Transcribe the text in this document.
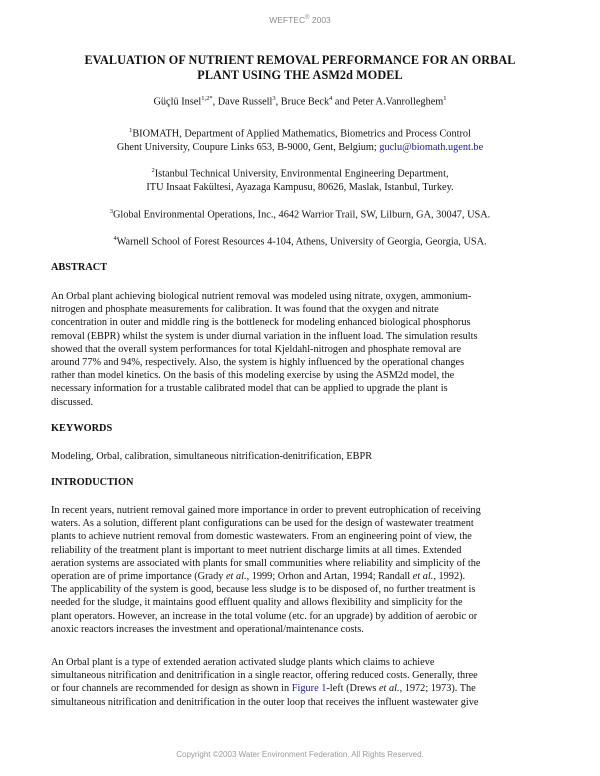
WEFTEC® 2003
EVALUATION OF NUTRIENT REMOVAL PERFORMANCE FOR AN ORBAL
PLANT USING THE ASM2d MODEL
Güçlü Insel$^{1,2*}$, Dave Russell$^3$, Bruce Beck$^4$ and Peter A.Vanrolleghem$^1$
$^1$BIOMATH, Department of Applied Mathematics, Biometrics and Process Control
Ghent University, Coupure Links 653, B-9000, Gent, Belgium; guclu@biomath.ugent.be
$^2$Istanbul Technical University, Environmental Engineering Department,
ITU Insaat Fakültesi, Ayazaga Kampusu, 80626, Maslak, Istanbul, Turkey.
$^3$Global Environmental Operations, Inc., 4642 Warrior Trail, SW, Lilburn, GA, 30047, USA.
$^4$Warnell School of Forest Resources 4-104, Athens, University of Georgia, Georgia, USA.
ABSTRACT
An Orbal plant achieving biological nutrient removal was modeled using nitrate, oxygen, ammonium-
nitrogen and phosphate measurements for calibration. It was found that the oxygen and nitrate
concentration in outer and middle ring is the bottleneck for modeling enhanced biological phosphorus
removal (EBPR) whilst the system is under diurnal variation in the influent load. The simulation results
showed that the overall system performances for total Kjeldahl-nitrogen and phosphate removal are
around 77% and 94%, respectively. Also, the system is highly influenced by the operational changes
rather than model kinetics. On the basis of this modeling exercise by using the ASM2d model, the
necessary information for a trustable calibrated model that can be applied to upgrade the plant is
discussed.
KEYWORDS
Modeling, Orbal, calibration, simultaneous nitrification-denitrification, EBPR
INTRODUCTION
In recent years, nutrient removal gained more importance in order to prevent eutrophication of receiving
waters. As a solution, different plant configurations can be used for the design of wastewater treatment
plants to achieve nutrient removal from domestic wastewaters. From an engineering point of view, the
reliability of the treatment plant is important to meet nutrient discharge limits at all times. Extended
aeration systems are associated with plants for small communities where reliability and simplicity of the
operation are of prime importance (Grady et al., 1999; Orhon and Artan, 1994; Randall et al., 1992).
The applicability of the system is good, because less sludge is to be disposed of, no further treatment is
needed for the sludge, it maintains good effluent quality and allows flexibility and simplicity for the
plant operators. However, an increase in the total volume (etc. for an upgrade) by addition of aerobic or
anoxic reactors increases the investment and operational/maintenance costs.
An Orbal plant is a type of extended aeration activated sludge plants which claims to achieve
simultaneous nitrification and denitrification in a single reactor, offering reduced costs. Generally, three
or four channels are recommended for design as shown in Figure 1-left (Drews et al., 1972; 1973). The
simultaneous nitrification and denitrification in the outer loop that receives the influent wastewater give
Copyright ©2003 Water Environment Federation. All Rights Reserved.
